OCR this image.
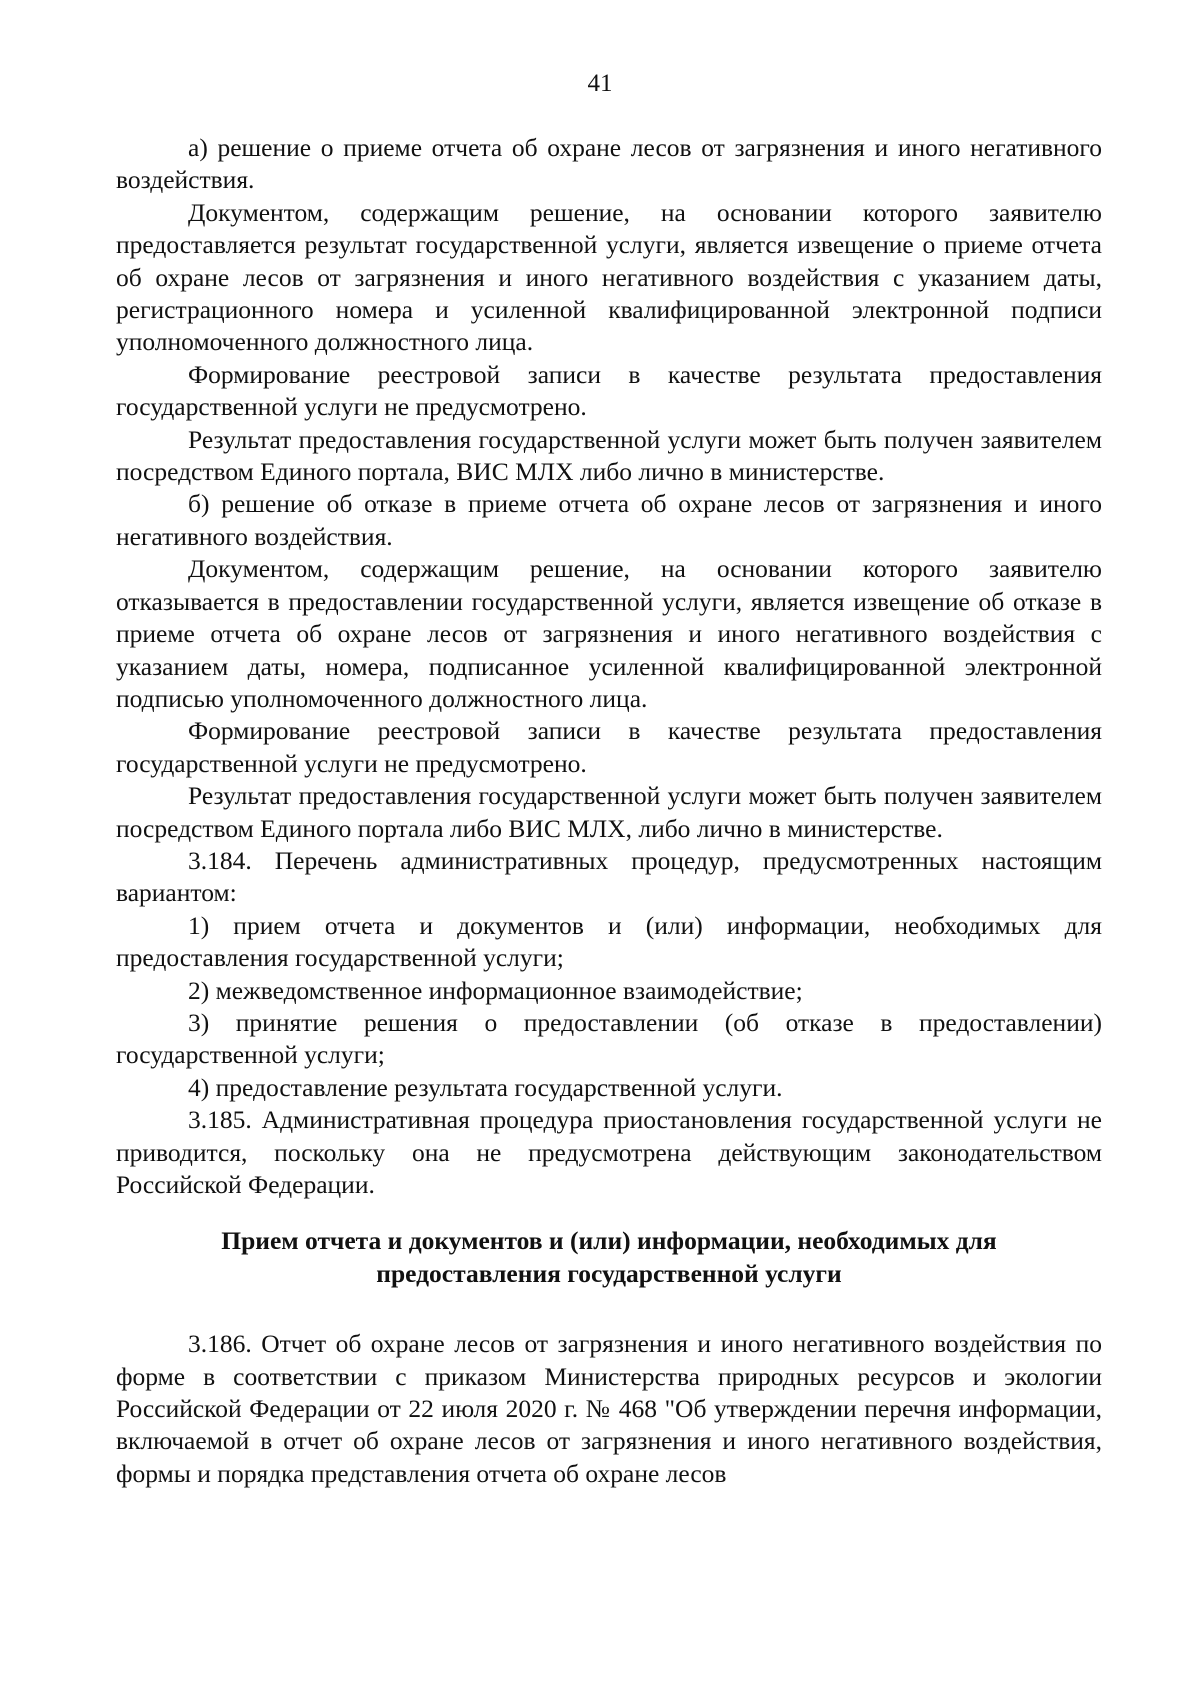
41

а) решение о приеме отчета об охране лесов от загрязнения и иного негативного воздействия.

Документом, содержащим решение, на основании которого заявителю предоставляется результат государственной услуги, является извещение о приеме отчета об охране лесов от загрязнения и иного негативного воздействия с указанием даты, регистрационного номера и усиленной квалифицированной электронной подписи уполномоченного должностного лица.

Формирование реестровой записи в качестве результата предоставления государственной услуги не предусмотрено.

Результат предоставления государственной услуги может быть получен заявителем посредством Единого портала, ВИС МЛХ либо лично в министерстве.

б) решение об отказе в приеме отчета об охране лесов от загрязнения и иного негативного воздействия.

Документом, содержащим решение, на основании которого заявителю отказывается в предоставлении государственной услуги, является извещение об отказе в приеме отчета об охране лесов от загрязнения и иного негативного воздействия с указанием даты, номера, подписанное усиленной квалифицированной электронной подписью уполномоченного должностного лица.

Формирование реестровой записи в качестве результата предоставления государственной услуги не предусмотрено.

Результат предоставления государственной услуги может быть получен заявителем посредством Единого портала либо ВИС МЛХ, либо лично в министерстве.

3.184. Перечень административных процедур, предусмотренных настоящим вариантом:

1) прием отчета и документов и (или) информации, необходимых для предоставления государственной услуги;

2) межведомственное информационное взаимодействие;

3) принятие решения о предоставлении (об отказе в предоставлении) государственной услуги;

4) предоставление результата государственной услуги.

3.185. Административная процедура приостановления государственной услуги не приводится, поскольку она не предусмотрена действующим законодательством Российской Федерации.

Прием отчета и документов и (или) информации, необходимых для предоставления государственной услуги

3.186. Отчет об охране лесов от загрязнения и иного негативного воздействия по форме в соответствии с приказом Министерства природных ресурсов и экологии Российской Федерации от 22 июля 2020 г. № 468 "Об утверждении перечня информации, включаемой в отчет об охране лесов от загрязнения и иного негативного воздействия, формы и порядка представления отчета об охране лесов
